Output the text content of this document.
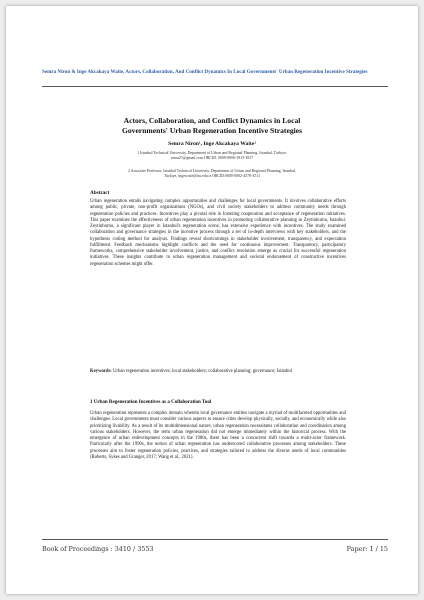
Semra Niron & Inge Akcakaya Waite, Actors, Collaboration, And Conflict Dynamics In Local Governments' Urban Regeneration Incentive Strategies
Actors, Collaboration, and Conflict Dynamics in Local
Governments' Urban Regeneration Incentive Strategies
Semra Niron¹, Inge Akcakaya Waite²
1 Istanbul Technical University, Department of Urban and Regional Planning, Istanbul, Türkiye,
niron21@gmail.com ORCID: 0009-0006-1915-3817
2 Associate Professor, Istanbul Technical University, Department of Urban and Regional Planning, Istanbul,
Türkiye, ingewaite@itu.edu.tr ORCID:0000-0002-4578-3511
Abstract
Urban regeneration entails navigating complex opportunities and challenges for local governments. It involves collaborative efforts among public, private, non-profit organizations (NGOs), and civil society stakeholders to address community needs through regeneration policies and practices. Incentives play a pivotal role in fostering cooperation and acceptance of regeneration initiatives. This paper examines the effectiveness of urban regeneration incentives in promoting collaborative planning in Zeytinburnu, Istanbul. Zeytinburnu, a significant player in Istanbul's regeneration scene, has extensive experience with incentives. The study examined collaboration and governance strategies in the incentive process through a set of in-depth interviews with key stakeholders, and the hypothesis coding method for analysis. Findings reveal shortcomings in stakeholder involvement, transparency, and expectation fulfillment. Feedback mechanisms highlight conflicts and the need for continuous improvement. Transparency, participatory frameworks, comprehensive stakeholder involvement, justice, and conflict resolution emerge as crucial for successful regeneration initiatives. These insights contribute to urban regeneration management and societal endorsement of constructive incentives regeneration schemes might offer.
Keywords: Urban regeneration incentives; local stakeholders; collaborative planning; governance; Istanbul
1 Urban Regeneration Incentives as a Collaboration Tool
Urban regeneration represents a complex domain wherein local governance entities navigate a myriad of multifaceted opportunities and challenges. Local governments must consider various aspects to ensure cities develop physically, socially, and economically while also prioritizing livability. As a result of its multidimensional nature, urban regeneration necessitates collaboration and coordination among various stakeholders. However, the term urban regeneration did not emerge immediately within the historical process. With the emergence of urban redevelopment concepts in the 1980s, there has been a concurrent shift towards a multi-actor framework. Particularly after the 1990s, the notion of urban regeneration has underscored collaborative processes among stakeholders. These processes aim to foster regeneration policies, practices, and strategies tailored to address the diverse needs of local communities (Roberts, Sykes and Granger, 2017; Wang et al., 2021).
Book of Proceedings : 3410 / 3553	Paper: 1 / 15
